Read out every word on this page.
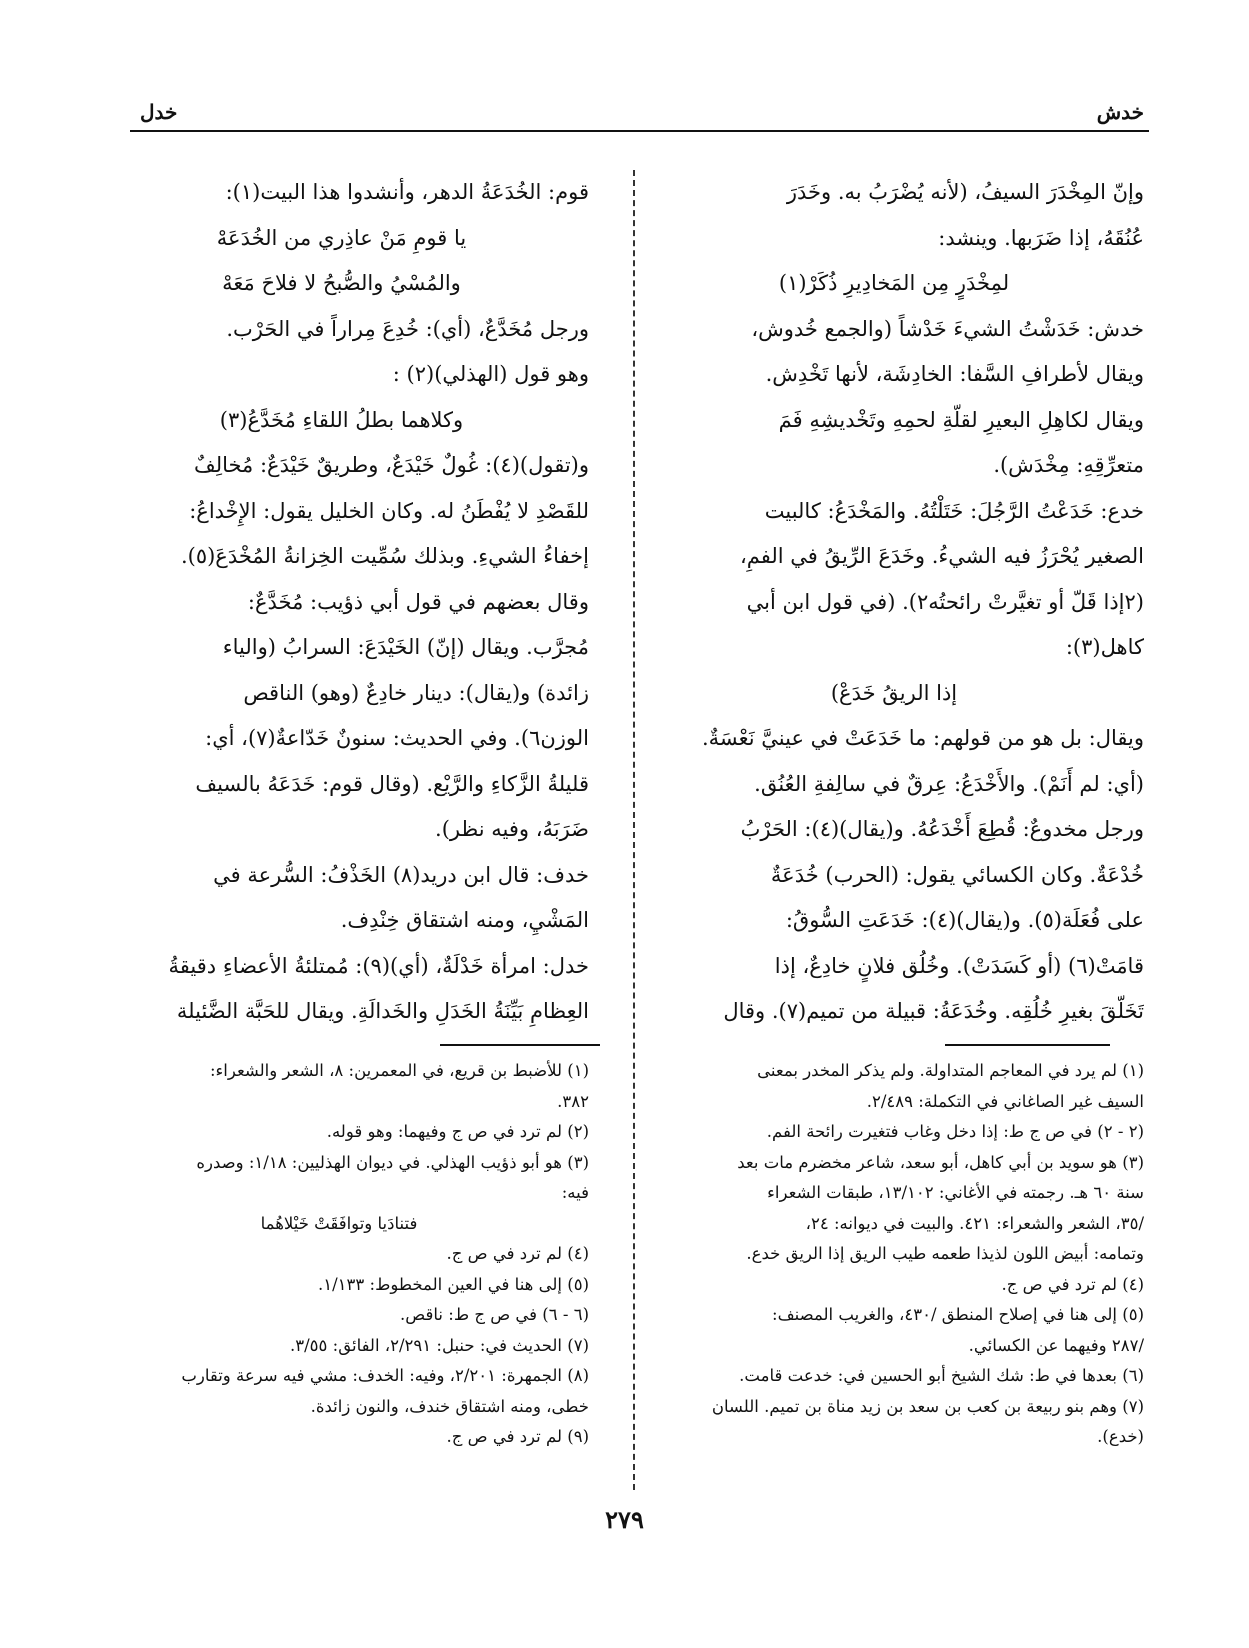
خدش
خدل
وإنّ المِخْدَرَ السيفُ، (لأنه يُضْرَبُ به. وخَدَرَ
عُنُقَهُ، إذا ضَرَبها. وينشد:
لمِخْدَرٍ مِن المَخادِيرِ ذُكَرْ(١)
خدش: خَدَشْتُ الشيءَ خَدْشاً (والجمع خُدوش،
ويقال لأطرافِ السَّفا: الخادِشَة، لأنها تَخْدِش.
ويقال لكاهِلِ البعيرِ لقلّةِ لحمِهِ وتَخْديشِهِ فَمَ
متعرِّقِهِ: مِخْدَش).
خدع: خَدَعْتُ الرَّجُلَ: خَتَلْتُهُ. والمَخْدَعُ: كالبيت
الصغير يُحْرَزُ فيه الشيءُ. وخَدَعَ الرِّيقُ في الفمِ،
(٢إذا قَلّ أو تغيَّرتْ رائحتُه٢). (في قول ابن أبي
كاهل(٣):
إذا الريقُ خَدَعْ)
ويقال: بل هو من قولهم: ما خَدَعَتْ في عينيَّ نَعْسَةٌ.
(أي: لم أَنَمْ). والأَخْدَعُ: عِرقٌ في سالِفةِ العُنُق.
ورجل مخدوعٌ: قُطِعَ أَخْدَعُهُ. و(يقال)(٤): الحَرْبُ
خُدْعَةٌ. وكان الكسائي يقول: (الحرب) خُدَعَةٌ
على فُعَلَة(٥). و(يقال)(٤): خَدَعَتِ السُّوقُ:
قامَتْ(٦) (أو كَسَدَتْ). وخُلُق فلانٍ خادِعٌ، إذا
تَخَلّقَ بغيرِ خُلُقِه. وخُدَعَةُ: قبيلة من تميم(٧). وقال
قوم: الخُدَعَةُ الدهر، وأنشدوا هذا البيت(١):
يا قومِ مَنْ عاذِري من الخُدَعَهْ
والمُسْيُ والصُّبحُ لا فلاحَ مَعَهْ
ورجل مُخَدَّعٌ، (أي): خُدِعَ مِراراً في الحَرْب.
وهو قول (الهذلي)(٢) :
وكلاهما بطلُ اللقاءِ مُخَدَّعُ(٣)
و(تقول)(٤): غُولٌ خَيْدَعٌ، وطريقٌ خَيْدَعٌ: مُخالِفٌ
للقَصْدِ لا يُفْطَنُ له. وكان الخليل يقول: الإِخْداعُ:
إخفاءُ الشيءِ. وبذلك سُمِّيت الخِزانةُ المُخْدَعَ(٥).
وقال بعضهم في قول أبي ذؤيب: مُخَدَّعٌ:
مُجرَّب. ويقال (إنّ) الخَيْدَعَ: السرابُ (والياء
زائدة) و(يقال): دينار خادِعٌ (وهو) الناقص
الوزن٦). وفي الحديث: سنونٌ خَدّاعةٌ(٧)، أي:
قليلةُ الزَّكاءِ والرَّيْع. (وقال قوم: خَدَعَهُ بالسيف
ضَرَبَهُ، وفيه نظر).
خدف: قال ابن دريد(٨) الخَذْفُ: السُّرعة في
المَشْيِ، ومنه اشتقاق خِنْدِف.
خدل: امرأة خَدْلَةٌ، (أي)(٩): مُمتلئةُ الأعضاءِ دقيقةُ
العِظامِ بَيِّنَةُ الخَدَلِ والخَدالَةِ. ويقال للحَبَّة الضَّئيلة
(١) لم يرد في المعاجم المتداولة. ولم يذكر المخدر بمعنى
السيف غير الصاغاني في التكملة: ٢/٤٨٩.
(٢ - ٢) في ص ج ط: إذا دخل وغاب فتغيرت رائحة الفم.
(٣) هو سويد بن أبي كاهل، أبو سعد، شاعر مخضرم مات بعد
سنة ٦٠ هـ. رجمته في الأغاني: ١٣/١٠٢، طبقات الشعراء
/٣٥، الشعر والشعراء: ٤٢١. والبيت في ديوانه: ٢٤،
وتمامه: أبيض اللون لذيذا طعمه طيب الريق إذا الريق خدع.
(٤) لم ترد في ص ج.
(٥) إلى هنا في إصلاح المنطق /٤٣٠، والغريب المصنف:
/٢٨٧ وفيهما عن الكسائي.
(٦) بعدها في ط: شك الشيخ أبو الحسين في: خدعت قامت.
(٧) وهم بنو ربيعة بن كعب بن سعد بن زيد مناة بن تميم. اللسان
(خدع).
(١) للأضبط بن قريع، في المعمرين: ٨، الشعر والشعراء:
٣٨٢.
(٢) لم ترد في ص ج وفيهما: وهو قوله.
(٣) هو أبو ذؤيب الهذلي. في ديوان الهذليين: ١/١٨: وصدره
فيه:
فتنادَيا وتوافَقَتْ خَيْلاهُما
(٤) لم ترد في ص ج.
(٥) إلى هنا في العين المخطوط: ١/١٣٣.
(٦ - ٦) في ص ج ط: ناقص.
(٧) الحديث في: حنبل: ٢/٢٩١، الفائق: ٣/٥٥.
(٨) الجمهرة: ٢/٢٠١، وفيه: الخدف: مشي فيه سرعة وتقارب
خطى، ومنه اشتقاق خندف، والنون زائدة.
(٩) لم ترد في ص ج.
٢٧٩
